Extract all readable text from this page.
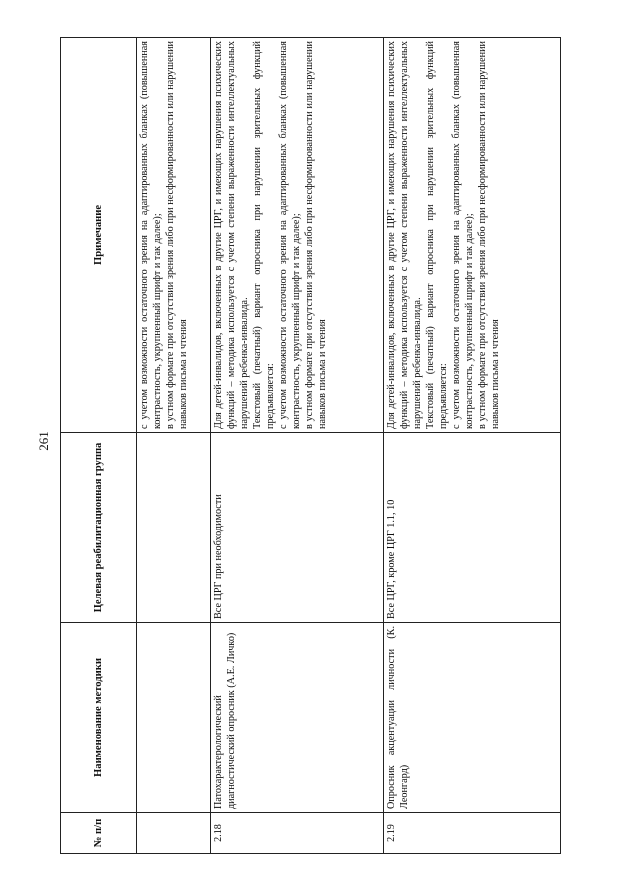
261
№ п/п	Наименование методики	Целевая реабилитационная группа	Примечание

			с учетом возможности остаточного зрения на адаптированных бланках (повышенная контрастность, укрупненный шрифт и так далее); в устном формате при отсутствии зрения либо при несформированности или нарушении навыков письма и чтения

2.18	Патохарактерологический диагностический опросник (А.Е. Личко)	Все ЦРГ при необходимости	Для детей-инвалидов, включенных в другие ЦРГ, и имеющих нарушения психических функций – методика используется с учетом степени выраженности интеллектуальных нарушений ребенка-инвалида. Текстовый (печатный) вариант опросника при нарушении зрительных функций предъявляется: с учетом возможности остаточного зрения на адаптированных бланках (повышенная контрастность, укрупненный шрифт и так далее); в устном формате при отсутствии зрения либо при несформированности или нарушении навыков письма и чтения

2.19	Опросник акцентуации личности (К. Леонгард)	Все ЦРГ, кроме ЦРГ 1.1, 10	Для детей-инвалидов, включенных в другие ЦРГ, и имеющих нарушения психических функций – методика используется с учетом степени выраженности интеллектуальных нарушений ребенка-инвалида. Текстовый (печатный) вариант опросника при нарушении зрительных функций предъявляется: с учетом возможности остаточного зрения на адаптированных бланках (повышенная контрастность, укрупненный шрифт и так далее); в устном формате при отсутствии зрения либо при несформированности или нарушении навыков письма и чтения
